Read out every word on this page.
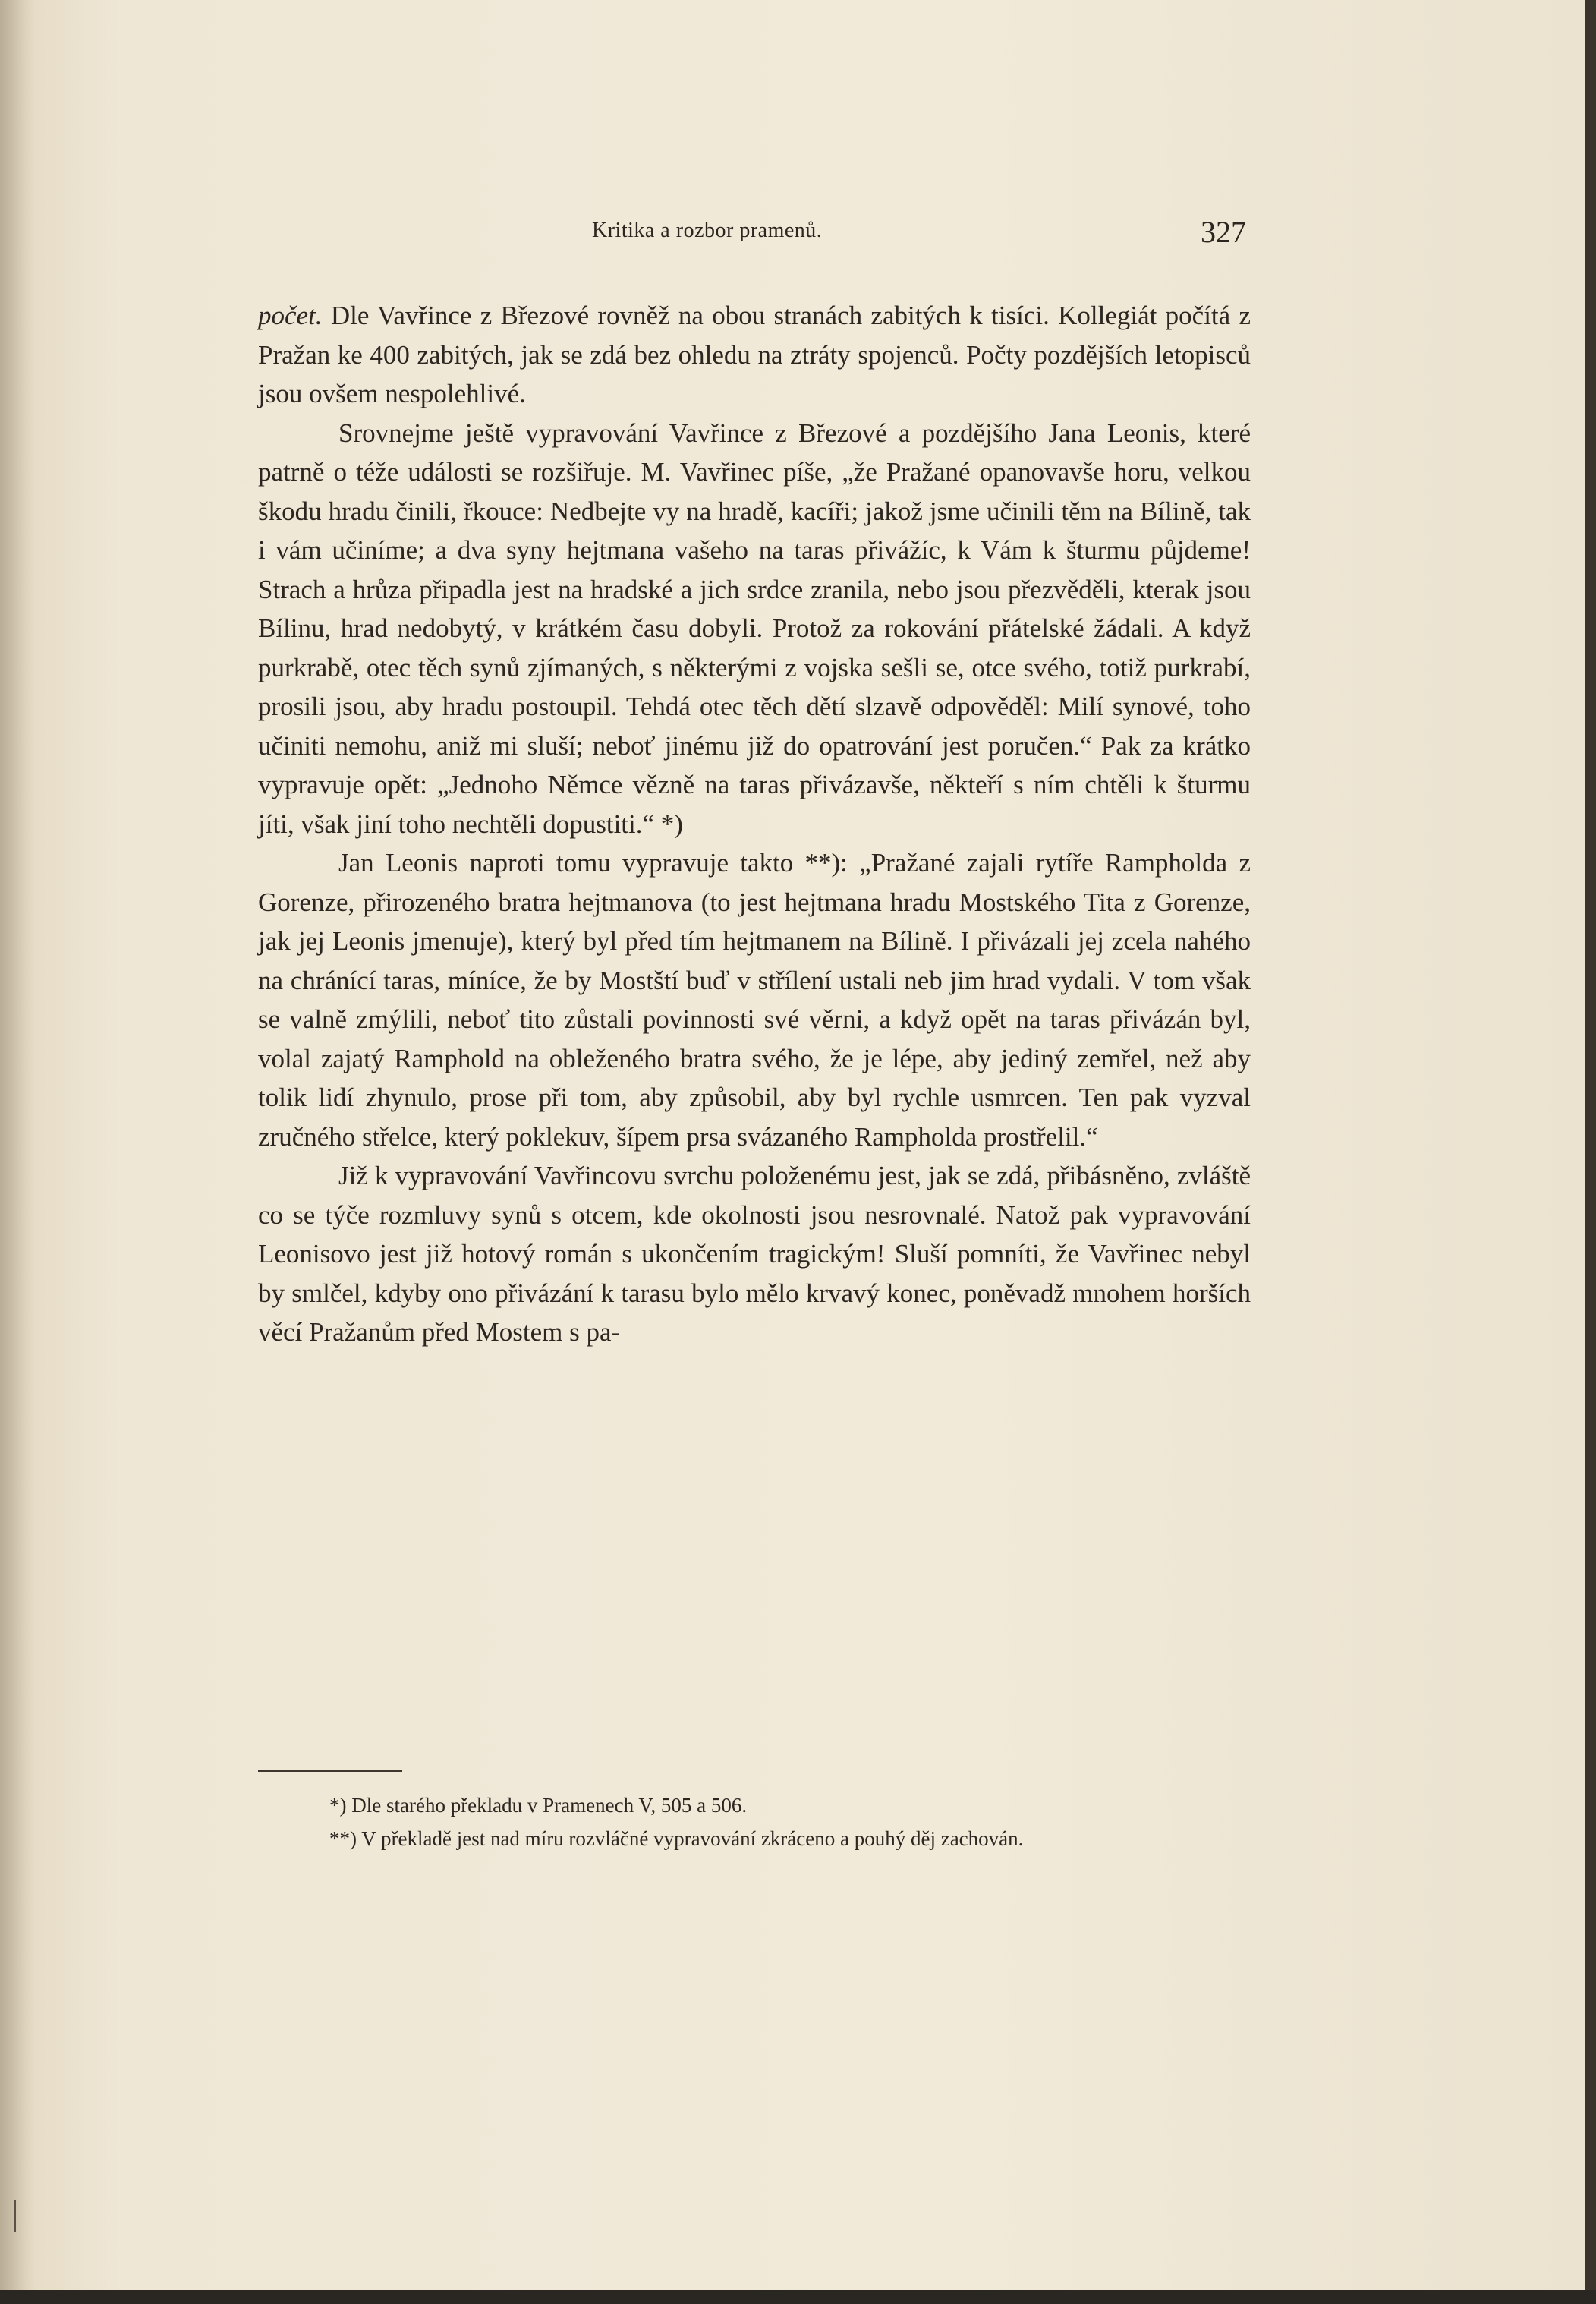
Kritika a rozbor pramenů.	327

počet. Dle Vavřince z Březové rovněž na obou stranách zabitých k tisíci. Kollegiát počítá z Pražan ke 400 zabitých, jak se zdá bez ohledu na ztráty spojenců. Počty pozdějších letopisců jsou ovšem nespolehlivé.

Srovnejme ještě vypravování Vavřince z Březové a pozdějšího Jana Leonis, které patrně o téže události se rozšiřuje. M. Vavřinec píše, „že Pražané opanovavše horu, velkou škodu hradu činili, řkouce: Nedbejte vy na hradě, kacíři; jakož jsme učinili těm na Bílině, tak i vám učiníme; a dva syny hejtmana vašeho na taras přivážíc, k Vám k šturmu půjdeme! Strach a hrůza připadla jest na hradské a jich srdce zranila, nebo jsou přezvěděli, kterak jsou Bílinu, hrad nedobytý, v krátkém času dobyli. Protož za rokování přátelské žádali. A když purkrabě, otec těch synů zjímaných, s některými z vojska sešli se, otce svého, totiž purkrabí, prosili jsou, aby hradu postoupil. Tehdá otec těch dětí slzavě odpověděl: Milí synové, toho učiniti nemohu, aniž mi sluší; neboť jinému již do opatrování jest poručen.“ Pak za krátko vypravuje opět: „Jednoho Němce vězně na taras přivázavše, někteří s ním chtěli k šturmu jíti, však jiní toho nechtěli dopustiti.“ *)

Jan Leonis naproti tomu vypravuje takto **): „Pražané zajali rytíře Rampholda z Gorenze, přirozeného bratra hejtmanova (to jest hejtmana hradu Mostského Tita z Gorenze, jak jej Leonis jmenuje), který byl před tím hejtmanem na Bílině. I přivázali jej zcela nahého na chránící taras, míníce, že by Mostští buď v střílení ustali neb jim hrad vydali. V tom však se valně zmýlili, neboť tito zůstali povinnosti své věrni, a když opět na taras přivázán byl, volal zajatý Ramphold na obleženého bratra svého, že je lépe, aby jediný zemřel, než aby tolik lidí zhynulo, prose při tom, aby způsobil, aby byl rychle usmrcen. Ten pak vyzval zručného střelce, který poklekuv, šípem prsa svázaného Rampholda prostřelil.“

Již k vypravování Vavřincovu svrchu položenému jest, jak se zdá, přibásněno, zvláště co se týče rozmluvy synů s otcem, kde okolnosti jsou nesrovnalé. Natož pak vypravování Leonisovo jest již hotový román s ukončením tragickým! Sluší pomníti, že Vavřinec nebyl by smlčel, kdyby ono přivázání k tarasu bylo mělo krvavý konec, poněvadž mnohem horších věcí Pražanům před Mostem s pa-

*) Dle starého překladu v Pramenech V, 505 a 506.

**) V překladě jest nad míru rozvláčné vypravování zkráceno a pouhý děj zachován.
